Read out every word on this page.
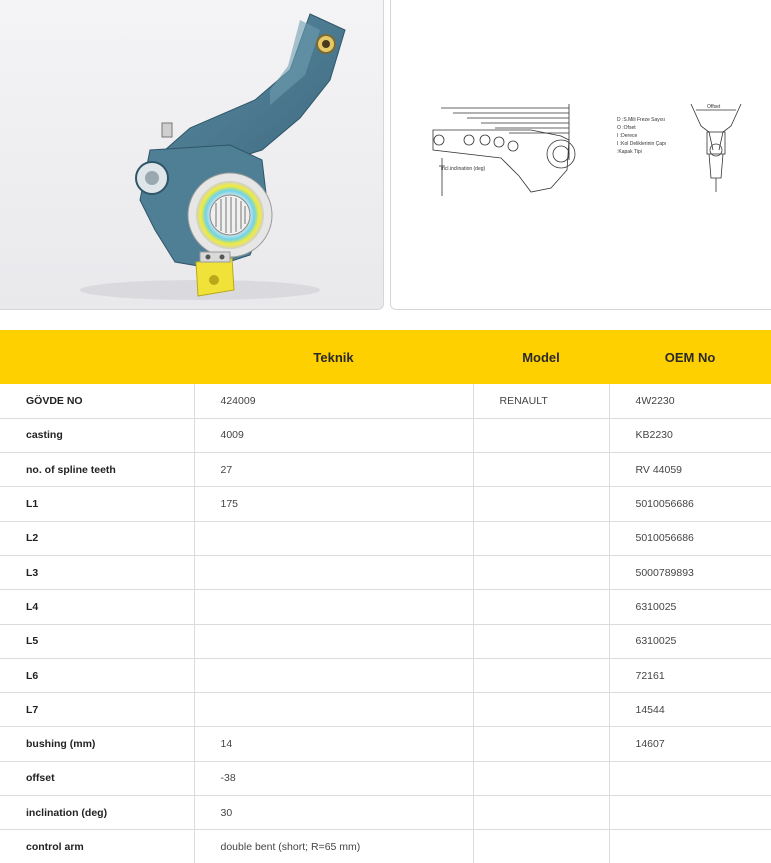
incl.inclination (deg)
Offset
D :S.Mili Freze Sayısı
O :Ofset
I :Derece
I :Kol Deliklerinin Çapı
:Kapak Tipi
	Teknik	Model	OEM No
GÖVDE NO	424009	RENAULT	4W2230
casting	4009		KB2230
no. of spline teeth	27		RV 44059
L1	175		5010056686
L2			5010056686
L3			5000789893
L4			6310025
L5			6310025
L6			72161
L7			14544
bushing (mm)	14		14607
offset	-38		
inclination (deg)	30		
control arm	double bent (short; R=65 mm)		
